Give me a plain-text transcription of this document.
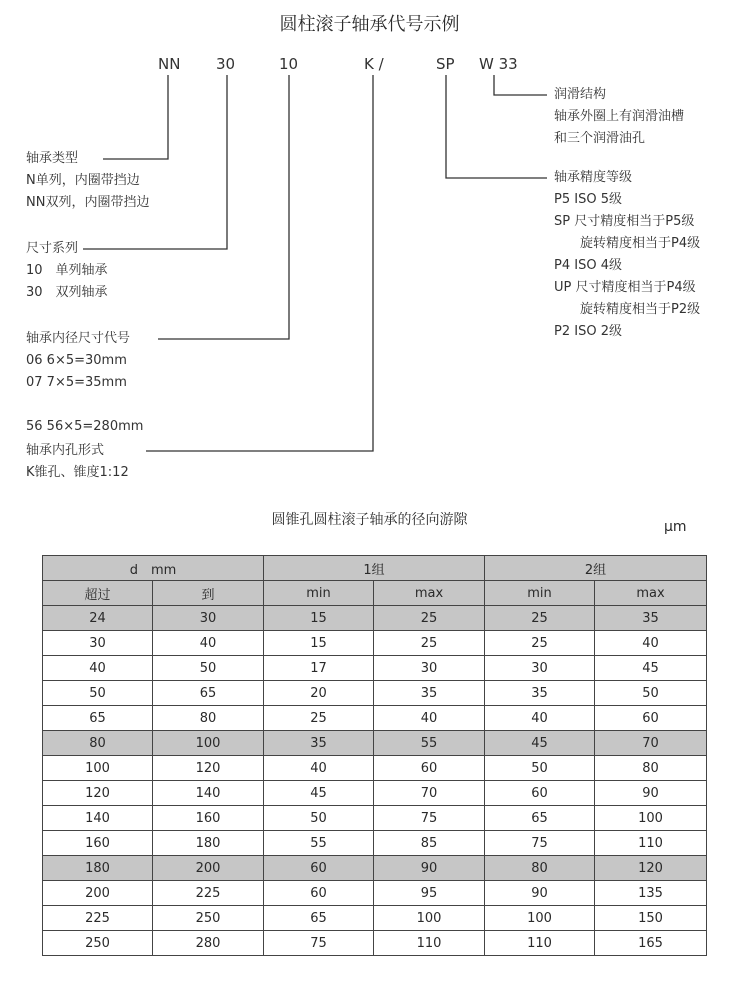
圆柱滚子轴承代号示例
NN 30	10	K /	SP W 33
轴承类型
N单列，内圈带挡边
NN双列，内圈带挡边
尺寸系列
10　单列轴承
30　双列轴承
轴承内径尺寸代号
06 6×5=30mm
07 7×5=35mm
56 56×5=280mm
轴承内孔形式
K锥孔、锥度1:12
润滑结构
轴承外圈上有润滑油槽
和三个润滑油孔
轴承精度等级
P5 ISO 5级
SP 尺寸精度相当于P5级
　　旋转精度相当于P4级
P4 ISO 4级
UP 尺寸精度相当于P4级
　　旋转精度相当于P2级
P2 ISO 2级
圆锥孔圆柱滚子轴承的径向游隙	μm
d　mm		1组		2组	
超过	到	min	max	min	max
24	30	15	25	25	35
30	40	15	25	25	40
40	50	17	30	30	45
50	65	20	35	35	50
65	80	25	40	40	60
80	100	35	55	45	70
100	120	40	60	50	80
120	140	45	70	60	90
140	160	50	75	65	100
160	180	55	85	75	110
180	200	60	90	80	120
200	225	60	95	90	135
225	250	65	100	100	150
250	280	75	110	110	165
